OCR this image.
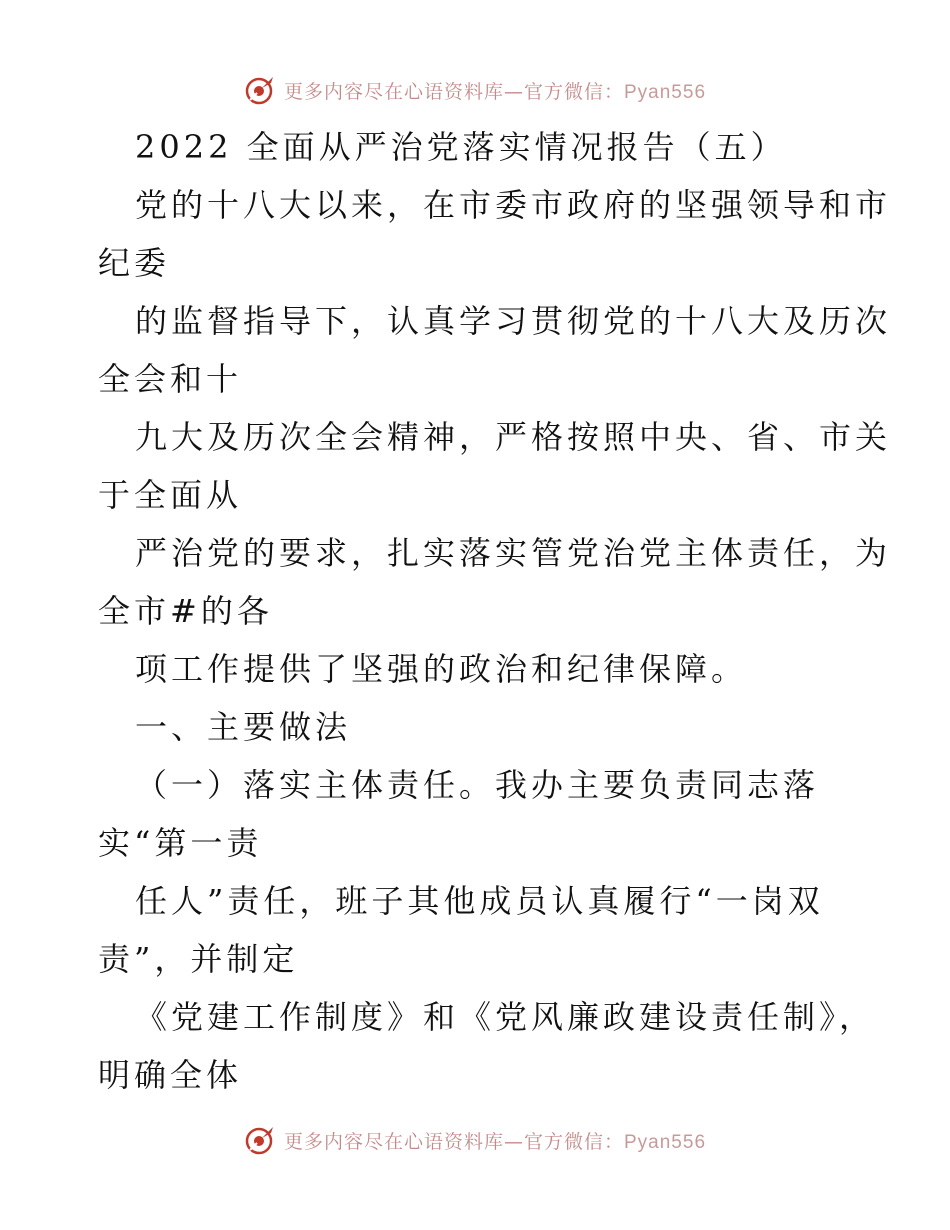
更多内容尽在心语资料库—官方微信：Pyan556
2022 全面从严治党落实情况报告（五）
党的十八大以来，在市委市政府的坚强领导和市
纪委
的监督指导下，认真学习贯彻党的十八大及历次
全会和十
九大及历次全会精神，严格按照中央、省、市关
于全面从
严治党的要求，扎实落实管党治党主体责任，为
全市#的各
项工作提供了坚强的政治和纪律保障。
一、主要做法
（一）落实主体责任。我办主要负责同志落
实“第一责
任人”责任，班子其他成员认真履行“一岗双
责”，并制定
《党建工作制度》和《党风廉政建设责任制》，
明确全体
更多内容尽在心语资料库—官方微信：Pyan556
